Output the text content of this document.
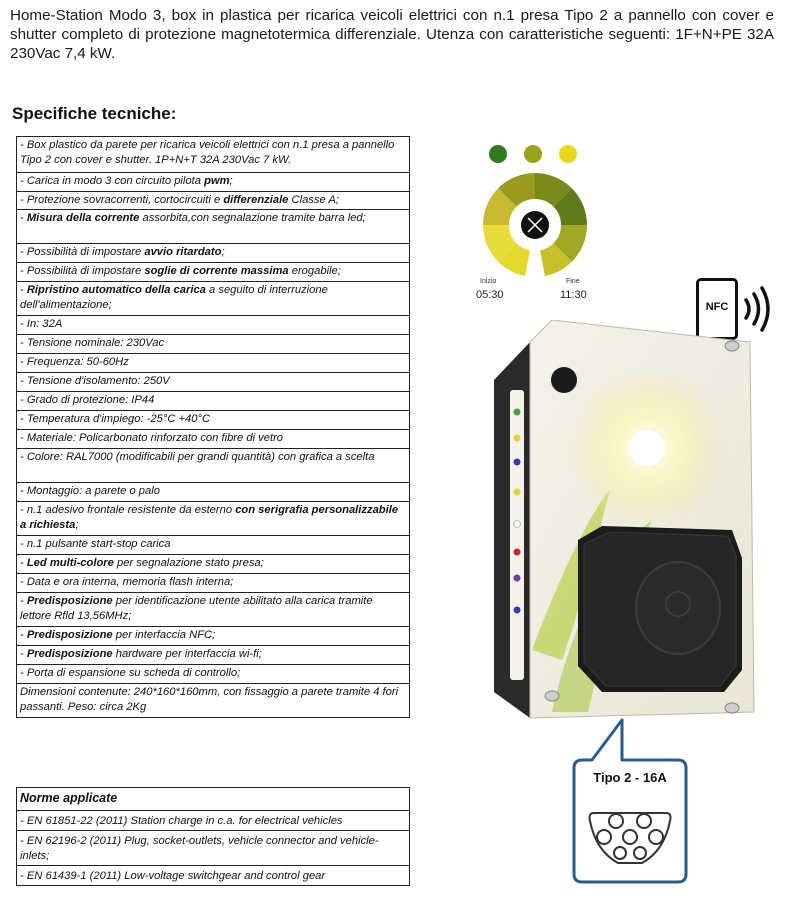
Home-Station Modo 3, box in plastica per ricarica veicoli elettrici con n.1 presa Tipo 2 a pannello con cover e shutter completo di protezione magnetotermica differenziale. Utenza con caratteristiche seguenti: 1F+N+PE 32A 230Vac 7,4 kW.
Specifiche tecniche:
- Box plastico da parete per ricarica veicoli elettrici con n.1 presa a pannello Tipo 2 con cover e shutter. 1P+N+T 32A 230Vac 7 kW.
- Carica in modo 3 con circuito pilota pwm;
- Protezione sovracorrenti, cortocircuiti e differenziale Classe A;
- Misura della corrente assorbita,con segnalazione tramite barra led;
- Possibilità di impostare avvio ritardato;
- Possibilità di impostare soglie di corrente massima erogabile;
- Ripristino automatico della carica a seguito di interruzione dell'alimentazione;
- In: 32A
- Tensione nominale: 230Vac
- Frequenza: 50-60Hz
- Tensione d'isolamento: 250V
- Grado di protezione: IP44
- Temperatura d'impiego: -25°C +40°C
- Materiale: Policarbonato rinforzato con fibre di vetro
- Colore: RAL7000 (modificabili per grandi quantità) con grafica a scelta
- Montaggio: a parete o palo
- n.1 adesivo frontale resistente da esterno con serigrafia personalizzabile a richiesta;
- n.1 pulsante start-stop carica
- Led multi-colore per segnalazione stato presa;
- Data e ora interna, memoria flash interna;
- Predisposizione per identificazione utente abilitato alla carica tramite lettore Rfld 13,56MHz;
- Predisposizione per interfaccia NFC;
- Predisposizione hardware per interfaccia wi-fi;
- Porta di espansione su scheda di controllo;
Dimensioni contenute: 240*160*160mm, con fissaggio a parete tramite 4 fori passanti. Peso: circa 2Kg
Norme applicate
- EN 61851-22 (2011) Station charge in c.a. for electrical vehicles
- EN 62196-2 (2011) Plug, socket-outlets, vehicle connector and vehicle-inlets;
- EN 61439-1 (2011) Low-voltage switchgear and control gear
Inizio	Fine
05:30	11:30
NFC
Tipo 2 - 16A
